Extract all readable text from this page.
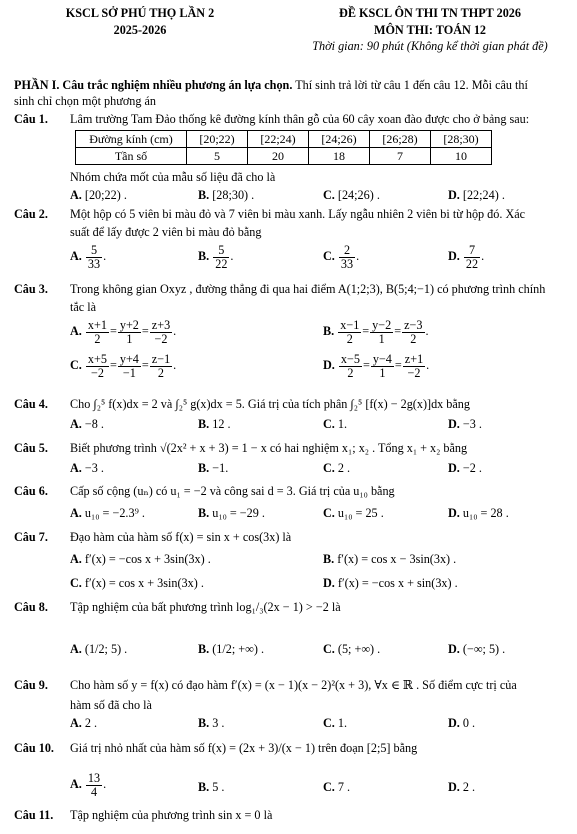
KSCL SỞ PHÚ THỌ LẦN 2
2025-2026
ĐỀ KSCL ÔN THI TN THPT 2026
MÔN THI: TOÁN 12
Thời gian: 90 phút (Không kể thời gian phát đề)
PHẦN I. Câu trắc nghiệm nhiều phương án lựa chọn. Thí sinh trả lời từ câu 1 đến câu 12. Mỗi câu thí
sinh chỉ chọn một phương án
Câu 1. Lâm trường Tam Đảo thống kê đường kính thân gỗ của 60 cây xoan đào được cho ở bảng sau:
Đường kính (cm)	[20;22)	[22;24)	[24;26)	[26;28)	[28;30)
Tần số	5	20	18	7	10
Nhóm chứa mốt của mẫu số liệu đã cho là
A. [20;22) .	B. [28;30) .	C. [24;26) .	D. [22;24) .
Câu 2. Một hộp có 5 viên bi màu đỏ và 7 viên bi màu xanh. Lấy ngẫu nhiên 2 viên bi từ hộp đó. Xác
suất để lấy được 2 viên bi màu đỏ bằng
A. $\frac{5}{33}$ .	B. $\frac{5}{22}$ .	C. $\frac{2}{33}$ .	D. $\frac{7}{22}$ .
Câu 3. Trong không gian Oxyz , đường thẳng đi qua hai điểm A(1;2;3), B(5;4;−1) có phương trình chính
tắc là
A. $\frac{x+1}{2} = \frac{y+2}{1} = \frac{z+3}{-2}$ .	B. $\frac{x-1}{2} = \frac{y-2}{1} = \frac{z-3}{2}$ .
C. $\frac{x+5}{-2} = \frac{y+4}{-1} = \frac{z-1}{2}$ .	D. $\frac{x-5}{2} = \frac{y-4}{1} = \frac{z+1}{-2}$ .
Câu 4. Cho ∫₂⁵ f(x)dx = 2 và ∫₂⁵ g(x)dx = 5. Giá trị của tích phân ∫₂⁵ [f(x) − 2g(x)]dx bằng
A. −8 .	B. 12 .	C. 1.	D. −3 .
Câu 5. Biết phương trình √(2x² + x + 3) = 1 − x có hai nghiệm x₁; x₂ . Tổng x₁ + x₂ bằng
A. −3 .	B. −1.	C. 2 .	D. −2 .
Câu 6. Cấp số cộng (uₙ) có u₁ = −2 và công sai d = 3. Giá trị của u₁₀ bằng
A. u₁₀ = −2.3⁹ .	B. u₁₀ = −29 .	C. u₁₀ = 25 .	D. u₁₀ = 28 .
Câu 7. Đạo hàm của hàm số f(x) = sin x + cos(3x) là
A. f′(x) = −cos x + 3sin(3x) .	B. f′(x) = cos x − 3sin(3x) .
C. f′(x) = cos x + 3sin(3x) .	D. f′(x) = −cos x + sin(3x) .
Câu 8. Tập nghiệm của bất phương trình log₁/₃(2x − 1) > −2 là
A. (1/2; 5) .	B. (1/2; +∞) .	C. (5; +∞) .	D. (−∞; 5) .
Câu 9. Cho hàm số y = f(x) có đạo hàm f′(x) = (x − 1)(x − 2)²(x + 3), ∀x ∈ ℝ . Số điểm cực trị của
hàm số đã cho là
A. 2 .	B. 3 .	C. 1.	D. 0 .
Câu 10. Giá trị nhỏ nhất của hàm số f(x) = (2x + 3)/(x − 1) trên đoạn [2;5] bằng
A. $\frac{13}{4}$ .	B. 5 .	C. 7 .	D. 2 .
Câu 11. Tập nghiệm của phương trình sin x = 0 là
